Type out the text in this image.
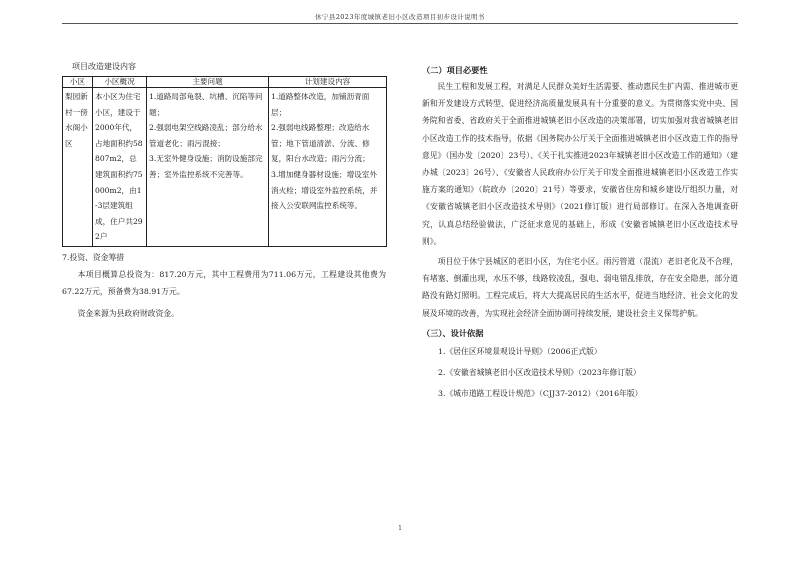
休宁县2023年度城镇老旧小区改造项目初步设计说明书

项目改造建设内容

小区	小区概况	主要问题	计划建设内容
梨园新村一傍水阁小区	本小区为住宅小区，建设于2000年代，占地面积约58807m2，总建筑面积约75000m2，由1-3层建筑组成，住户共292户	1.道路局部龟裂、坑槽、沉陷等问题；
2.强弱电架空线路凌乱；部分给水管道老化；雨污混接；
3.无室外健身设施；消防设施部完善；室外监控系统不完善等。	1.道路整体改造，加铺沥青面层；
2.强弱电线路整理；改造给水管；地下管道清淤、分流、修复，阳台水改造；雨污分流；
3.增加健身器材设施；增设室外消火栓；增设室外监控系统，并接入公安联网监控系统等。

7.投资、资金筹措

本项目概算总投资为：817.20万元，其中工程费用为711.06万元，工程建设其他费为67.22万元，预备费为38.91万元。

资金来源为县政府财政资金。

（二）项目必要性

民生工程和发展工程，对满足人民群众美好生活需要、推动惠民生扩内需、推进城市更新和开发建设方式转型、促进经济高质量发展具有十分重要的意义。为贯彻落实党中央、国务院和省委、省政府关于全面推进城镇老旧小区改造的决策部署，切实加强对我省城镇老旧小区改造工作的技术指导，依据《国务院办公厅关于全面推进城镇老旧小区改造工作的指导意见》（国办发〔2020〕23号）、《关于扎实推进2023年城镇老旧小区改造工作的通知》（建办城〔2023〕26号）、《安徽省人民政府办公厅关于印发全面推进城镇老旧小区改造工作实施方案的通知》（皖政办〔2020〕21号）等要求，安徽省住房和城乡建设厅组织力量，对《安徽省城镇老旧小区改造技术导则》（2021修订版）进行局部修订。在深入各地调查研究，认真总结经验做法，广泛征求意见的基础上，形成《安徽省城镇老旧小区改造技术导则》。

项目位于休宁县城区的老旧小区，为住宅小区。雨污管道（混流）老旧老化及不合理，有堵塞、倒灌出现，水压不够，线路较凌乱，强电、弱电错乱排放，存在安全隐患，部分道路没有路灯照明。工程完成后，将大大提高居民的生活水平，促进当地经济、社会文化的发展及环境的改善，为实现社会经济全面协调可持续发展，建设社会主义保驾护航。

（三）、设计依据

1.《居住区环境景观设计导则》（2006正式版）
2.《安徽省城镇老旧小区改造技术导则》（2023年修订版）
3.《城市道路工程设计规范》（CJJ37-2012）（2016年版）
1
